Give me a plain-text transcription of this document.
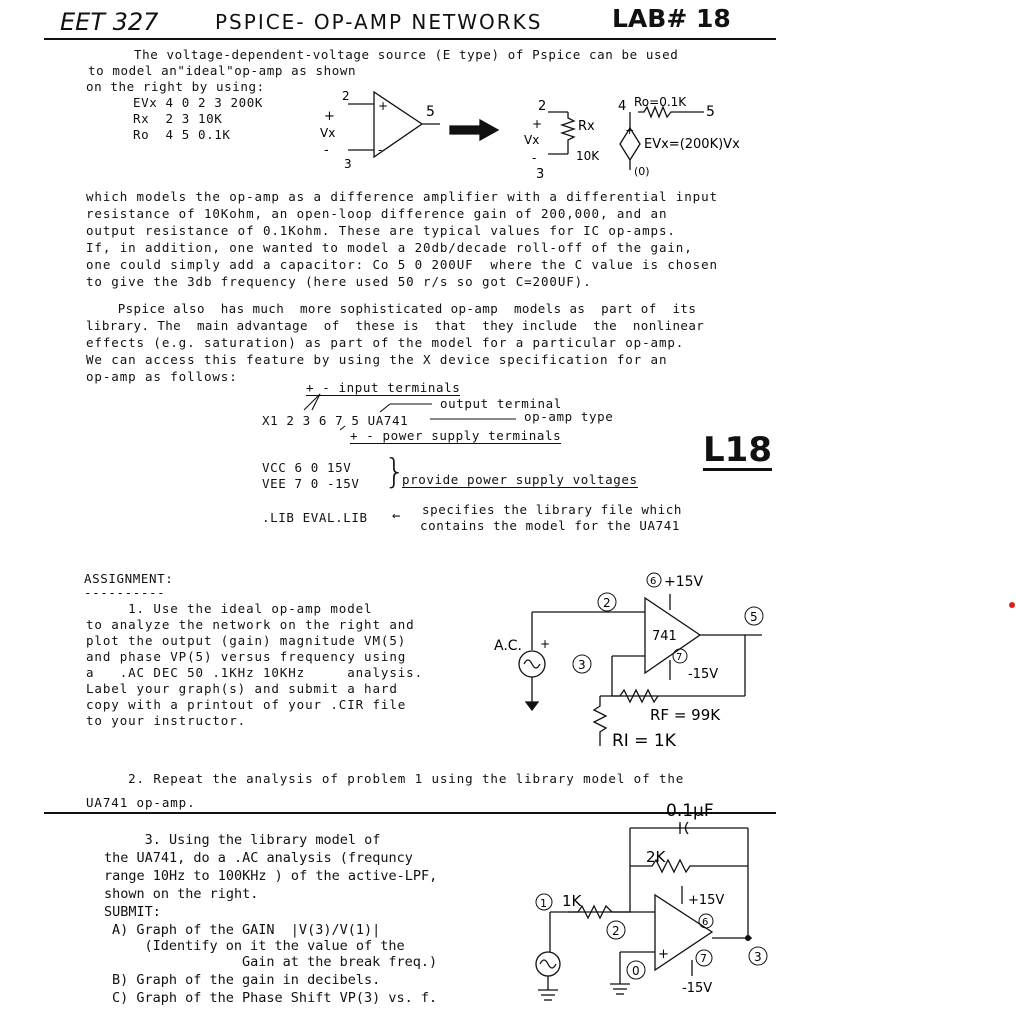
EET 327	PSPICE- OP-AMP NETWORKS	LAB# 18
The voltage-dependent-voltage source (E type) of Pspice can be used
to model an"ideal"op-amp as shown
on the right by using:
EVx 4 0 2 3 200K
Rx  2 3 10K
Ro  4 5 0.1K
2
3
5
+
-
+
Vx
-
2
+
Vx
-
3
Rx
10K
4 Ro=0.1K
5
+
EVx=(200K)Vx
(0)
which models the op-amp as a difference amplifier with a differential input
resistance of 10Kohm, an open-loop difference gain of 200,000, and an
output resistance of 0.1Kohm. These are typical values for IC op-amps.
If, in addition, one wanted to model a 20db/decade roll-off of the gain,
one could simply add a capacitor: Co 5 0 200UF  where the C value is chosen
to give the 3db frequency (here used 50 r/s so got C=200UF).
Pspice also  has much  more sophisticated op-amp  models as  part of  its
library. The  main advantage  of  these is  that  they include  the  nonlinear
effects (e.g. saturation) as part of the model for a particular op-amp.
We can access this feature by using the X device specification for an
op-amp as follows:
+ - input terminals
output terminal
X1 2 3 6 7 5 UA741	op-amp type
+ - power supply terminals	L18
VCC 6 0 15V
VEE 7 0 -15V }
provide power supply voltages
.LIB EVAL.LIB ← specifies the library file which
contains the model for the UA741
ASSIGNMENT:
----------
1. Use the ideal op-amp model
to analyze the network on the right and
plot the output (gain) magnitude VM(5)
and phase VP(5) versus frequency using
a   .AC DEC 50 .1KHz 10KHz     analysis.
Label your graph(s) and submit a hard
copy with a printout of your .CIR file
to your instructor.
6 +15V
2
5
741
A.C. +
3
7
-15V
RF = 99K
RI = 1K
2. Repeat the analysis of problem 1 using the library model of the
UA741 op-amp.
3. Using the library model of
the UA741, do a .AC analysis (frequncy
range 10Hz to 100KHz ) of the active-LPF,
shown on the right.
SUBMIT:
A) Graph of the GAIN  |V(3)/V(1)|
(Identify on it the value of the
Gain at the break freq.)
B) Graph of the gain in decibels.
C) Graph of the Phase Shift VP(3) vs. f.
0.1μF
2K
1 1K
2
+15V
6
0
+	7	3
-15V
